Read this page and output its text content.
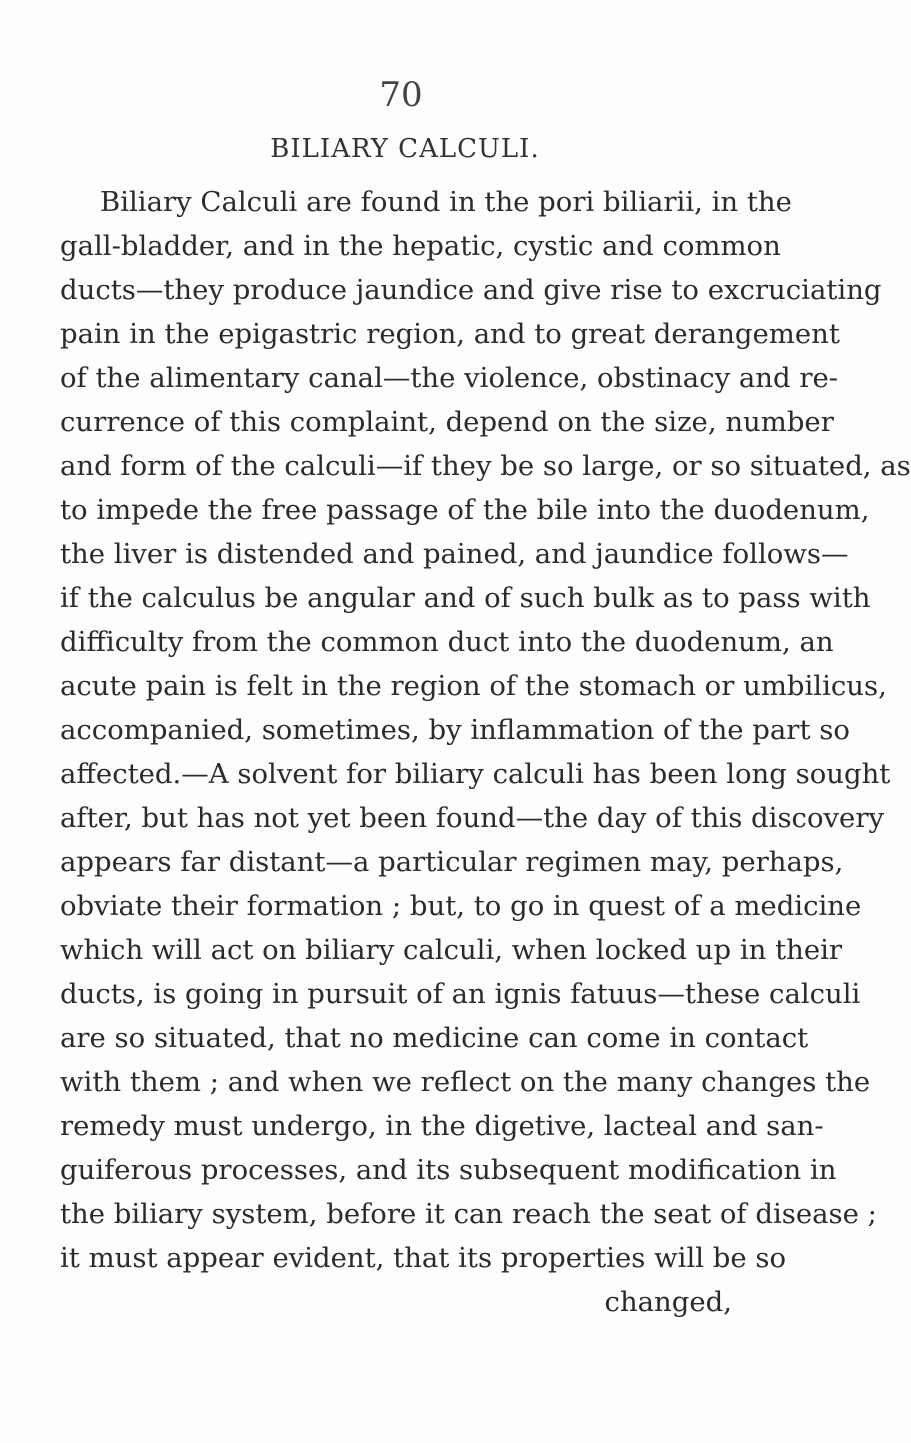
70
BILIARY CALCULI.
Biliary Calculi are found in the pori biliarii, in the
gall-bladder, and in the hepatic, cystic and common
ducts—they produce jaundice and give rise to excruciating
pain in the epigastric region, and to great derangement
of the alimentary canal—the violence, obstinacy and re-
currence of this complaint, depend on the size, number
and form of the calculi—if they be so large, or so situated, as
to impede the free passage of the bile into the duodenum,
the liver is distended and pained, and jaundice follows—
if the calculus be angular and of such bulk as to pass with
difficulty from the common duct into the duodenum, an
acute pain is felt in the region of the stomach or umbilicus,
accompanied, sometimes, by inflammation of the part so
affected.—A solvent for biliary calculi has been long sought
after, but has not yet been found—the day of this discovery
appears far distant—a particular regimen may, perhaps,
obviate their formation ; but, to go in quest of a medicine
which will act on biliary calculi, when locked up in their
ducts, is going in pursuit of an ignis fatuus—these calculi
are so situated, that no medicine can come in contact
with them ; and when we reflect on the many changes the
remedy must undergo, in the digetive, lacteal and san-
guiferous processes, and its subsequent modification in
the biliary system, before it can reach the seat of disease ;
it must appear evident, that its properties will be so
changed,
